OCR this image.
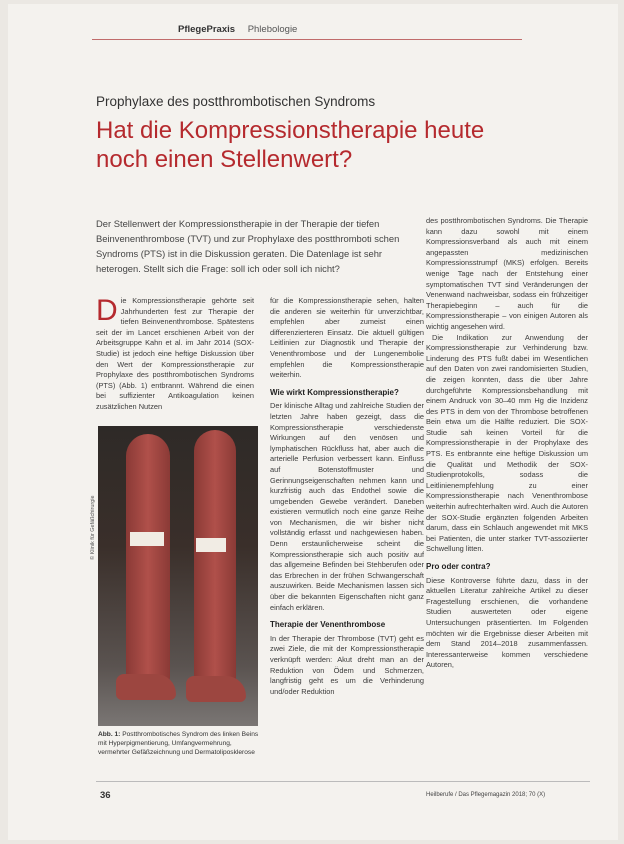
PflegePraxis Phlebologie
Prophylaxe des postthrombotischen Syndroms
Hat die Kompressionstherapie heute noch einen Stellenwert?
Der Stellenwert der Kompressionstherapie in der Therapie der tiefen Beinvenenthrombose (TVT) und zur Prophylaxe des postthromboti schen Syndroms (PTS) ist in die Diskussion geraten. Die Datenlage ist sehr heterogen. Stellt sich die Frage: soll ich oder soll ich nicht?

Die Kompressionstherapie gehörte seit Jahrhunderten fest zur Therapie der tiefen Beinvenenthrombose. Spätestens seit der im Lancet erschienen Arbeit von der Arbeitsgruppe Kahn et al. im Jahr 2014 (SOX-Studie) ist jedoch eine heftige Diskussion über den Wert der Kompressionstherapie zur Prophylaxe des postthrombotischen Syndroms (PTS) (Abb. 1) entbrannt. Während die einen bei suffizienter Antikoagulation keinen zusätzlichen Nutzen

© Klinik für Gefäßchirurgie
Abb. 1: Postthrombotisches Syndrom des linken Beins mit Hyperpigmentierung, Umfangvermehrung, vermehrter Gefäßzeichnung und Dermatoliposklerose

für die Kompressionstherapie sehen, halten die anderen sie weiterhin für unverzichtbar, empfehlen aber zumeist einen differenzierteren Einsatz. Die aktuell gültigen Leitlinien zur Diagnostik und Therapie der Venenthrombose und der Lungenembolie empfehlen die Kompressionstherapie weiterhin.

Wie wirkt Kompressionstherapie?

Der klinische Alltag und zahlreiche Studien der letzten Jahre haben gezeigt, dass die Kompressionstherapie verschiedenste Wirkungen auf den venösen und lymphatischen Rückfluss hat, aber auch die arterielle Perfusion verbessert kann. Einfluss auf Botenstoffmuster und Gerinnungseigenschaften nehmen kann und kurzfristig auch das Endothel sowie die umgebenden Gewebe verändert. Daneben existieren vermutlich noch eine ganze Reihe von Mechanismen, die wir bisher nicht vollständig erfasst und nachgewiesen haben. Denn erstaunlicherweise scheint die Kompressionstherapie sich auch positiv auf das allgemeine Befinden bei Stehberufen oder das Erbrechen in der frühen Schwangerschaft auszuwirken. Beide Mechanismen lassen sich über die bekannten Eigenschaften nicht ganz einfach erklären.

Therapie der Venenthrombose

In der Therapie der Thrombose (TVT) geht es zwei Ziele, die mit der Kompressionstherapie verknüpft werden: Akut dreht man an der Reduktion von Ödem und Schmerzen, langfristig geht es um die Verhinderung und/oder Reduktion

des postthrombotischen Syndroms. Die Therapie kann dazu sowohl mit einem Kompressionsverband als auch mit einem angepassten medizinischen Kompressionsstrumpf (MKS) erfolgen. Bereits wenige Tage nach der Entstehung einer symptomatischen TVT sind Veränderungen der Venenwand nachweisbar, sodass ein frühzeitiger Therapiebeginn – auch für die Kompressionstherapie – von einigen Autoren als wichtig angesehen wird.

Die Indikation zur Anwendung der Kompressionstherapie zur Verhinderung bzw. Linderung des PTS fußt dabei im Wesentlichen auf den Daten von zwei randomisierten Studien, die zeigen konnten, dass die über Jahre durchgeführte Kompressionsbehandlung mit einem Andruck von 30–40 mm Hg die Inzidenz des PTS in dem von der Thrombose betroffenen Bein etwa um die Hälfte reduziert. Die SOX-Studie sah keinen Vorteil für die Kompressionstherapie in der Prophylaxe des PTS. Es entbrannte eine heftige Diskussion um die Qualität und Methodik der SOX-Studienprotokolls, sodass die Leitlinienempfehlung zu einer Kompressionstherapie nach Venenthrombose weiterhin aufrechterhalten wird. Auch die Autoren der SOX-Studie ergänzten folgenden Arbeiten darum, dass ein Schlauch angewendet mit MKS bei Patienten, die unter starker TVT-assoziierter Schwellung litten.

Pro oder contra?

Diese Kontroverse führte dazu, dass in der aktuellen Literatur zahlreiche Artikel zu dieser Fragestellung erschienen, die vorhandene Studien auswerteten oder eigene Untersuchungen präsentierten. Im Folgenden möchten wir die Ergebnisse dieser Arbeiten mit dem Stand 2014–2018 zusammenfassen. Interessanterweise kommen verschiedene Autoren,

36	Heilberufe / Das Pflegemagazin 2018; 70 (X)
